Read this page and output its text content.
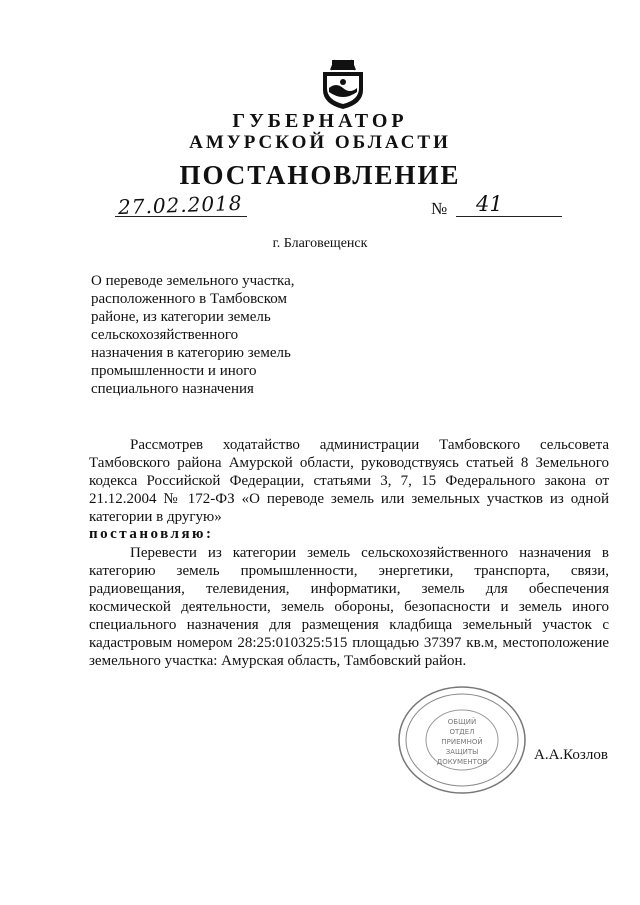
ГУБЕРНАТОР
АМУРСКОЙ ОБЛАСТИ
ПОСТАНОВЛЕНИЕ
27.02.2018	№ 41
г. Благовещенск
О переводе земельного участка,
расположенного в Тамбовском
районе, из категории земель
сельскохозяйственного
назначения в категорию земель
промышленности и иного
специального назначения
Рассмотрев ходатайство администрации Тамбовского сельсовета
Тамбовского района Амурской области, руководствуясь статьей 8 Земельного
кодекса Российской Федерации, статьями 3, 7, 15 Федерального закона от
21.12.2004 № 172-ФЗ «О переводе земель или земельных участков из одной
категории в другую»
постановляю:
Перевести из категории земель сельскохозяйственного назначения в
категорию земель промышленности, энергетики, транспорта, связи,
радиовещания, телевидения, информатики, земель для обеспечения
космической деятельности, земель обороны, безопасности и земель иного
специального назначения для размещения кладбища земельный участок с
кадастровым номером 28:25:010325:515 площадью 37397 кв.м, местоположение
земельного участка: Амурская область, Тамбовский район.
ОБЩИЙ
ОТДЕЛ
ПРИЕМНОЙ
ЗАЩИТЫ
ДОКУМЕНТОВ	А.А.Козлов
